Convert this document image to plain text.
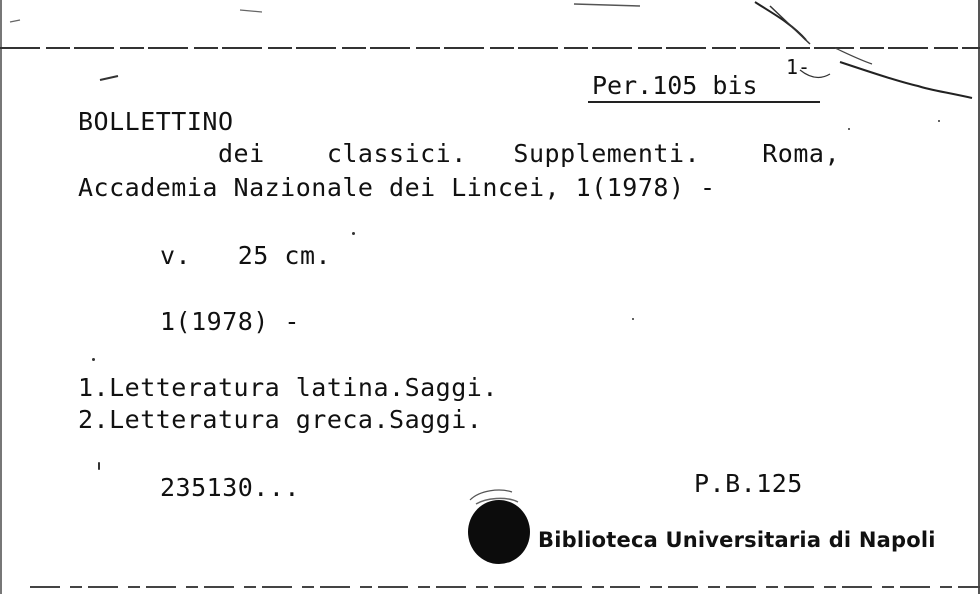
Per.105 bis
1-
BOLLETTINO
dei    classici.   Supplementi.    Roma,
Accademia Nazionale dei Lincei, 1(1978) -
v.   25 cm.
1(1978) -
1.Letteratura latina.Saggi.
2.Letteratura greca.Saggi.
235130...	P.B.125
Biblioteca Universitaria di Napoli
